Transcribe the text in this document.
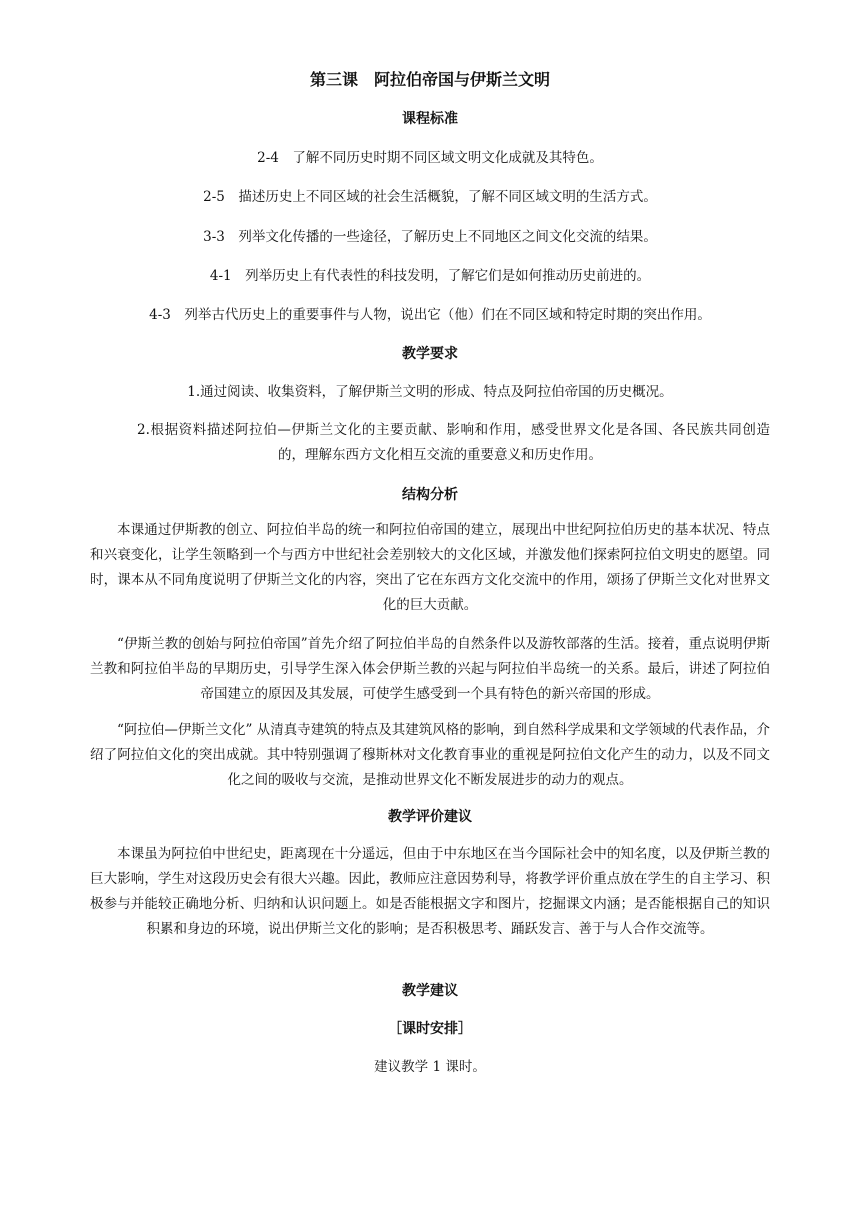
第三课　阿拉伯帝国与伊斯兰文明
课程标准
2-4　了解不同历史时期不同区域文明文化成就及其特色。
2-5　描述历史上不同区域的社会生活概貌，了解不同区域文明的生活方式。
3-3　列举文化传播的一些途径，了解历史上不同地区之间文化交流的结果。
4-1　列举历史上有代表性的科技发明，了解它们是如何推动历史前进的。
4-3　列举古代历史上的重要事件与人物，说出它（他）们在不同区域和特定时期的突出作用。
教学要求
1.通过阅读、收集资料，了解伊斯兰文明的形成、特点及阿拉伯帝国的历史概况。
2.根据资料描述阿拉伯—伊斯兰文化的主要贡献、影响和作用，感受世界文化是各国、各民族共同创造的，理解东西方文化相互交流的重要意义和历史作用。
结构分析
本课通过伊斯教的创立、阿拉伯半岛的统一和阿拉伯帝国的建立，展现出中世纪阿拉伯历史的基本状况、特点和兴衰变化，让学生领略到一个与西方中世纪社会差别较大的文化区域，并激发他们探索阿拉伯文明史的愿望。同时，课本从不同角度说明了伊斯兰文化的内容，突出了它在东西方文化交流中的作用，颂扬了伊斯兰文化对世界文化的巨大贡献。
“伊斯兰教的创始与阿拉伯帝国”首先介绍了阿拉伯半岛的自然条件以及游牧部落的生活。接着，重点说明伊斯兰教和阿拉伯半岛的早期历史，引导学生深入体会伊斯兰教的兴起与阿拉伯半岛统一的关系。最后，讲述了阿拉伯帝国建立的原因及其发展，可使学生感受到一个具有特色的新兴帝国的形成。
“阿拉伯—伊斯兰文化” 从清真寺建筑的特点及其建筑风格的影响，到自然科学成果和文学领域的代表作品，介绍了阿拉伯文化的突出成就。其中特别强调了穆斯林对文化教育事业的重视是阿拉伯文化产生的动力，以及不同文化之间的吸收与交流，是推动世界文化不断发展进步的动力的观点。
教学评价建议
本课虽为阿拉伯中世纪史，距离现在十分遥远，但由于中东地区在当今国际社会中的知名度，以及伊斯兰教的巨大影响，学生对这段历史会有很大兴趣。因此，教师应注意因势利导，将教学评价重点放在学生的自主学习、积极参与并能较正确地分析、归纳和认识问题上。如是否能根据文字和图片，挖掘课文内涵；是否能根据自己的知识积累和身边的环境，说出伊斯兰文化的影响；是否积极思考、踊跃发言、善于与人合作交流等。
教学建议
［课时安排］
建议教学 1 课时。
